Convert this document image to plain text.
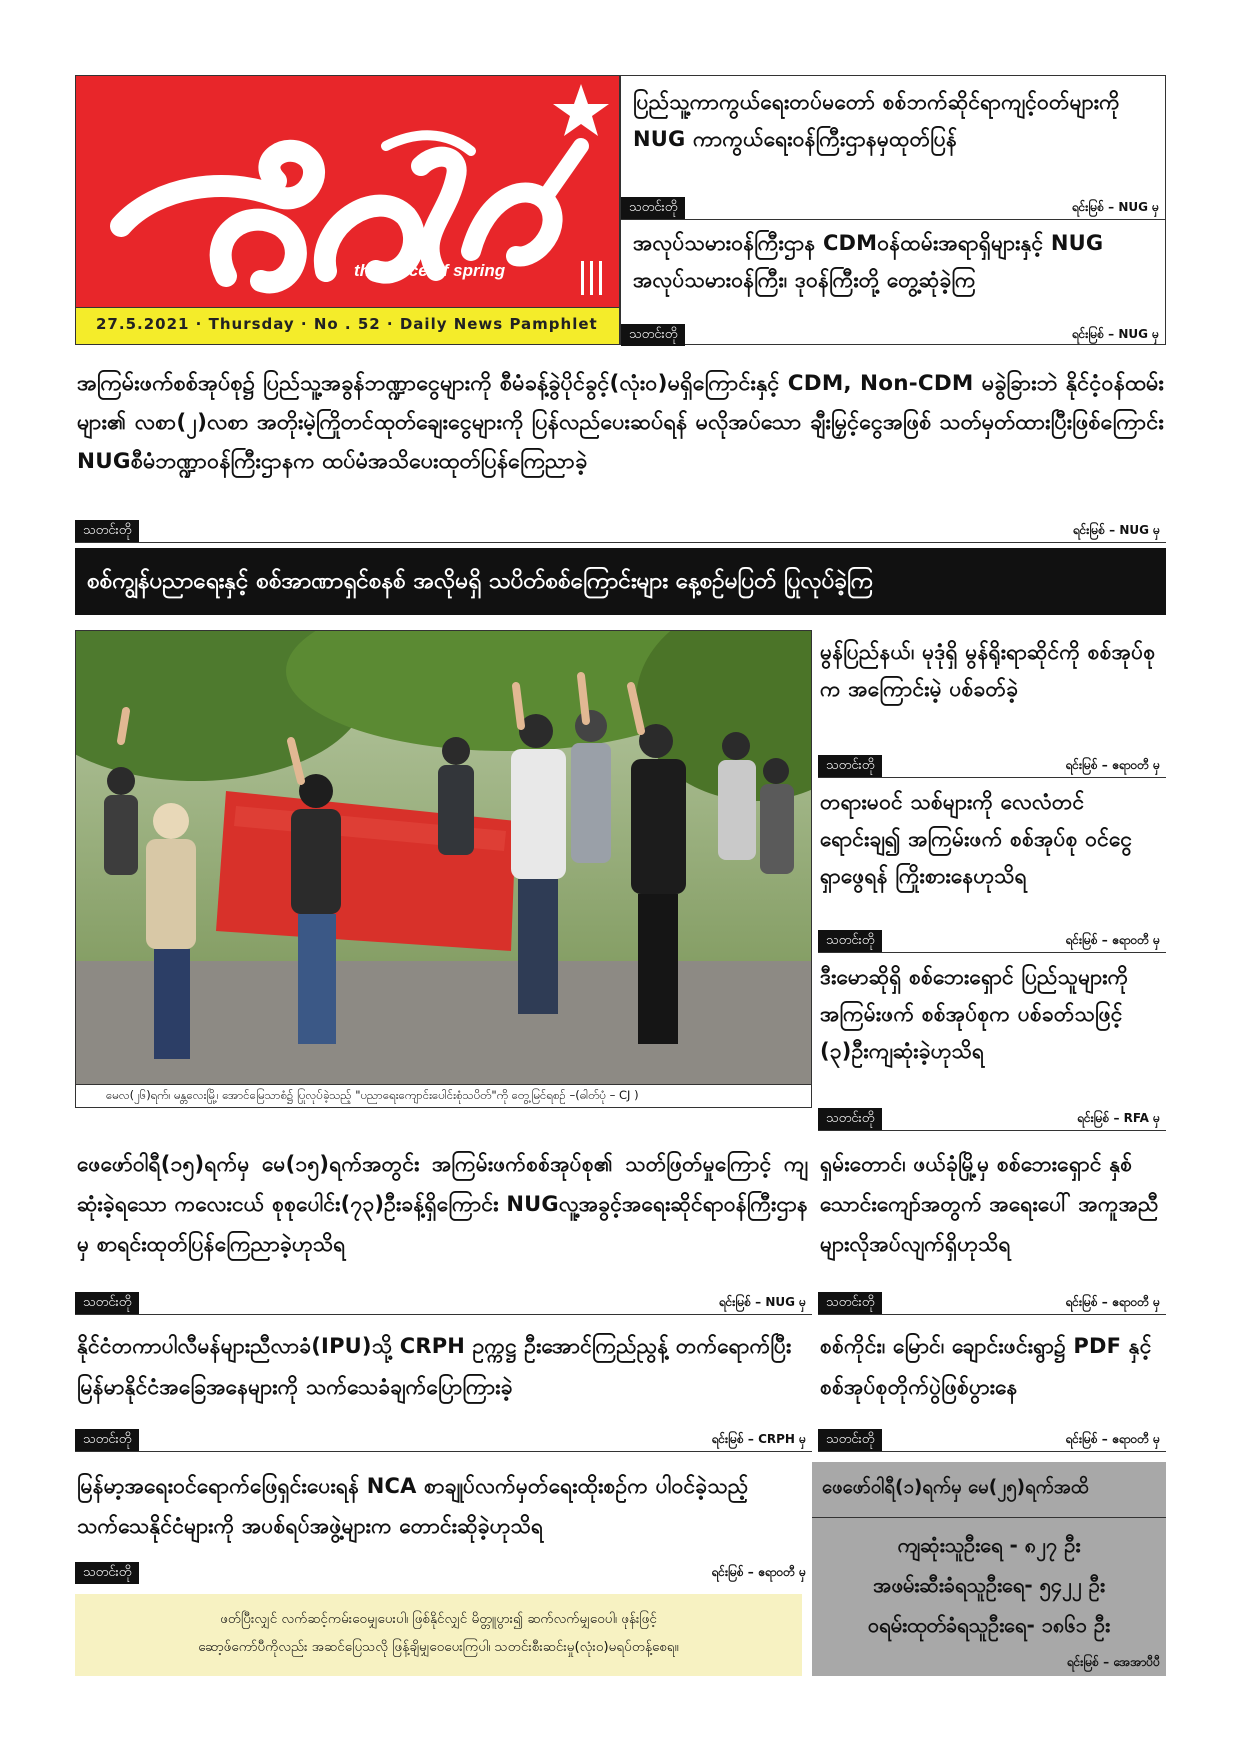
the voice of spring
27.5.2021 · Thursday · No . 52 · Daily News Pamphlet
ပြည်သူ့ကာကွယ်ရေးတပ်မတော် စစ်ဘက်ဆိုင်ရာကျင့်ဝတ်များကို NUG ကာကွယ်ရေးဝန်ကြီးဌာနမှထုတ်ပြန်
သတင်းတို	ရင်းမြစ် – NUG မှ
အလုပ်သမားဝန်ကြီးဌာန CDMဝန်ထမ်းအရာရှိများနှင့် NUG အလုပ်သမားဝန်ကြီး၊ ဒုဝန်ကြီးတို့ တွေ့ဆုံခဲ့ကြ
သတင်းတို	ရင်းမြစ် – NUG မှ
အကြမ်းဖက်စစ်အုပ်စု၌ ပြည်သူ့အခွန်ဘဏ္ဍာငွေများကို စီမံခန့်ခွဲပိုင်ခွင့်(လုံးဝ)မရှိကြောင်းနှင့် CDM, Non-CDM မခွဲခြားဘဲ နိုင်ငံ့ဝန်ထမ်းများ၏ လစာ(၂)လစာ အတိုးမဲ့ကြိုတင်ထုတ်ချေးငွေများကို ပြန်လည်ပေးဆပ်ရန် မလိုအပ်သော ချီးမြှင့်ငွေအဖြစ် သတ်မှတ်ထားပြီးဖြစ်ကြောင်း NUGစီမံဘဏ္ဍာဝန်ကြီးဌာနက ထပ်မံအသိပေးထုတ်ပြန်ကြေညာခဲ့
သတင်းတို	ရင်းမြစ် – NUG မှ
စစ်ကျွန်ပညာရေးနှင့် စစ်အာဏာရှင်စနစ် အလိုမရှိ သပိတ်စစ်ကြောင်းများ နေ့စဉ်မပြတ် ပြုလုပ်ခဲ့ကြ
မေလ(၂၆)ရက်၊ မန္တလေးမြို့၊ အောင်မြေသာစံ၌ ပြုလုပ်ခဲ့သည့် "ပညာရေးကျောင်းပေါင်းစုံသပိတ်"ကို တွေ့မြင်ရစဉ် –(ဓါတ်ပုံ – CJ )
မွန်ပြည်နယ်၊ မုဒုံရှိ မွန်ရိုးရာဆိုင်ကို စစ်အုပ်စုက အကြောင်းမဲ့ ပစ်ခတ်ခဲ့
သတင်းတို	ရင်းမြစ် – ဧရာဝတီ မှ
တရားမဝင် သစ်များကို လေလံတင် ရောင်းချ၍ အကြမ်းဖက် စစ်အုပ်စု ဝင်ငွေရှာဖွေရန် ကြိုးစားနေဟုသိရ
သတင်းတို	ရင်းမြစ် – ဧရာဝတီ မှ
ဒီးမောဆိုရှိ စစ်ဘေးရှောင် ပြည်သူများကို အကြမ်းဖက် စစ်အုပ်စုက ပစ်ခတ်သဖြင့် (၃)ဦးကျဆုံးခဲ့ဟုသိရ
သတင်းတို	ရင်းမြစ် – RFA မှ
ဖေဖော်ဝါရီ(၁၅)ရက်မှ မေ(၁၅)ရက်အတွင်း အကြမ်းဖက်စစ်အုပ်စု၏ သတ်ဖြတ်မှုကြောင့် ကျဆုံးခဲ့ရသော ကလေးငယ် စုစုပေါင်း(၇၃)ဦးခန့်ရှိကြောင်း NUGလူ့အခွင့်အရေးဆိုင်ရာဝန်ကြီးဌာနမှ စာရင်းထုတ်ပြန်ကြေညာခဲ့ဟုသိရ
သတင်းတို	ရင်းမြစ် – NUG မှ
ရှမ်းတောင်၊ ဖယ်ခုံမြို့မှ စစ်ဘေးရှောင် နှစ်သောင်းကျော်အတွက် အရေးပေါ် အကူအညီများလိုအပ်လျက်ရှိဟုသိရ
သတင်းတို	ရင်းမြစ် – ဧရာဝတီ မှ
နိုင်ငံတကာပါလီမန်များညီလာခံ(IPU)သို့ CRPH ဥက္ကဋ္ဌ ဦးအောင်ကြည်ညွန့် တက်ရောက်ပြီး မြန်မာနိုင်ငံအခြေအနေများကို သက်သေခံချက်ပြောကြားခဲ့
သတင်းတို	ရင်းမြစ် – CRPH မှ
စစ်ကိုင်း၊ မြောင်၊ ချောင်းဖင်းရွာ၌ PDF နှင့် စစ်အုပ်စုတိုက်ပွဲဖြစ်ပွားနေ
သတင်းတို	ရင်းမြစ် – ဧရာဝတီ မှ
မြန်မာ့အရေးဝင်ရောက်ဖြေရှင်းပေးရန် NCA စာချုပ်လက်မှတ်ရေးထိုးစဉ်က ပါဝင်ခဲ့သည့်သက်သေနိုင်ငံများကို အပစ်ရပ်အဖွဲ့များက တောင်းဆိုခဲ့ဟုသိရ
သတင်းတို	ရင်းမြစ် – ဧရာဝတီ မှ
ဖတ်ပြီးလျှင် လက်ဆင့်ကမ်းဝေမျှပေးပါ၊ ဖြစ်နိုင်လျှင် မိတ္တူပွား၍ ဆက်လက်မျှဝေပါ၊ ဖုန်းဖြင့်
ဆော့ဖ်ကော်ပီကိုလည်း အဆင်ပြေသလို ဖြန့်ချိမျှဝေပေးကြပါ၊ သတင်းစီးဆင်းမှု(လုံးဝ)မရပ်တန့်စေရ။
ဖေဖော်ဝါရီ(၁)ရက်မှ မေ(၂၅)ရက်အထိ
ကျဆုံးသူဦးရေ - ၈၂၇ ဦး
အဖမ်းဆီးခံရသူဦးရေ- ၅၄၂၂ ဦး
ဝရမ်းထုတ်ခံရသူဦးရေ- ၁၈၆၁ ဦး
ရင်းမြစ် – အေအာပီပီ
